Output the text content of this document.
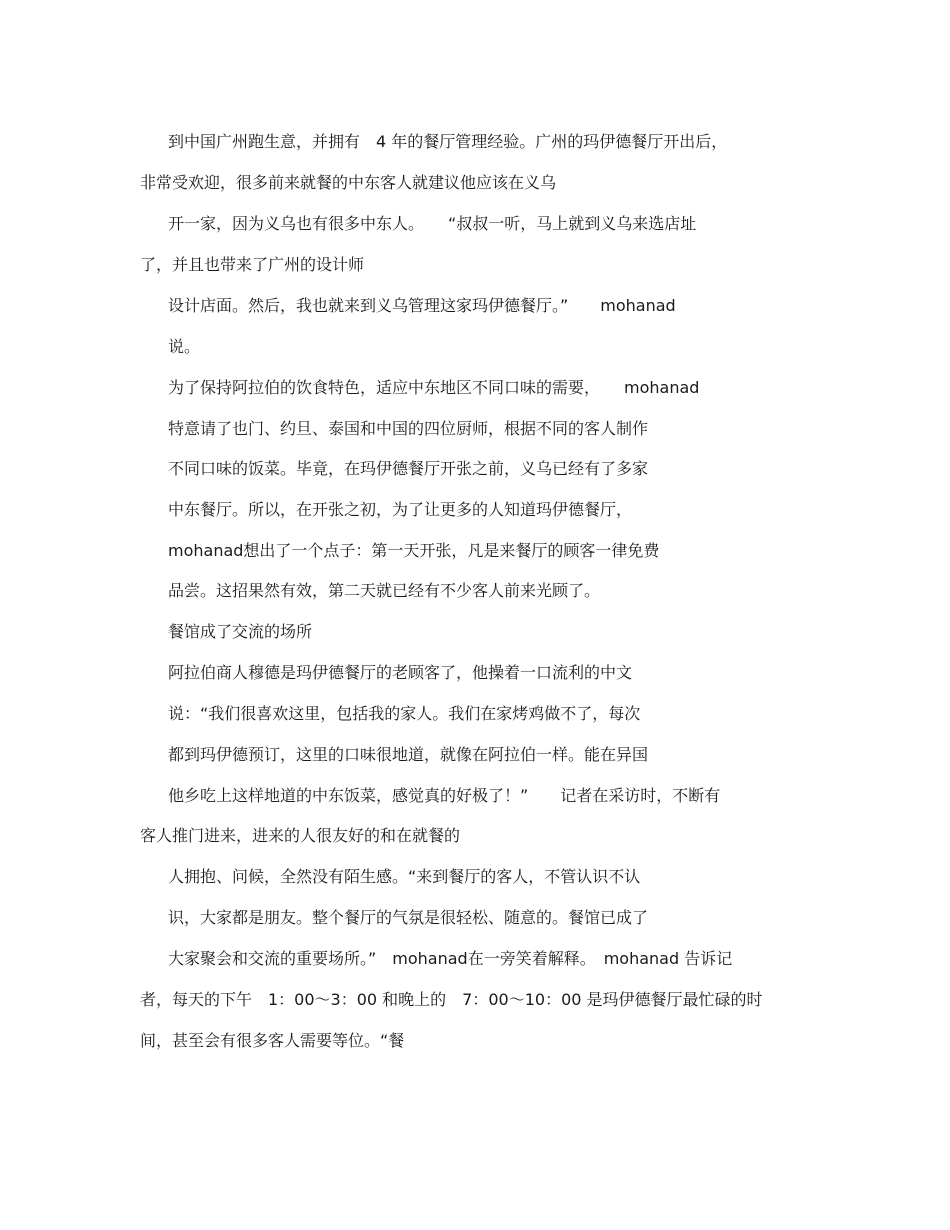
到中国广州跑生意，并拥有　4 年的餐厅管理经验。广州的玛伊德餐厅开出后，

非常受欢迎，很多前来就餐的中东客人就建议他应该在义乌

开一家，因为义乌也有很多中东人。　　“叔叔一听，马上就到义乌来选店址

了，并且也带来了广州的设计师

设计店面。然后，我也就来到义乌管理这家玛伊德餐厅。”　　mohanad

说。

为了保持阿拉伯的饮食特色，适应中东地区不同口味的需要，　　mohanad

特意请了也门、约旦、泰国和中国的四位厨师，根据不同的客人制作

不同口味的饭菜。毕竟，在玛伊德餐厅开张之前，义乌已经有了多家

中东餐厅。所以，在开张之初，为了让更多的人知道玛伊德餐厅，

mohanad想出了一个点子：第一天开张，凡是来餐厅的顾客一律免费

品尝。这招果然有效，第二天就已经有不少客人前来光顾了。

餐馆成了交流的场所

阿拉伯商人穆德是玛伊德餐厅的老顾客了，他操着一口流利的中文

说：“我们很喜欢这里，包括我的家人。我们在家烤鸡做不了，每次

都到玛伊德预订，这里的口味很地道，就像在阿拉伯一样。能在异国

他乡吃上这样地道的中东饭菜，感觉真的好极了！”　　记者在采访时，不断有

客人推门进来，进来的人很友好的和在就餐的

人拥抱、问候，全然没有陌生感。“来到餐厅的客人，不管认识不认

识，大家都是朋友。整个餐厅的气氛是很轻松、随意的。餐馆已成了

大家聚会和交流的重要场所。”　mohanad在一旁笑着解释。　mohanad 告诉记

者，每天的下午　1：00～3：00 和晚上的　7：00～10：00 是玛伊德餐厅最忙碌的时

间，甚至会有很多客人需要等位。“餐
